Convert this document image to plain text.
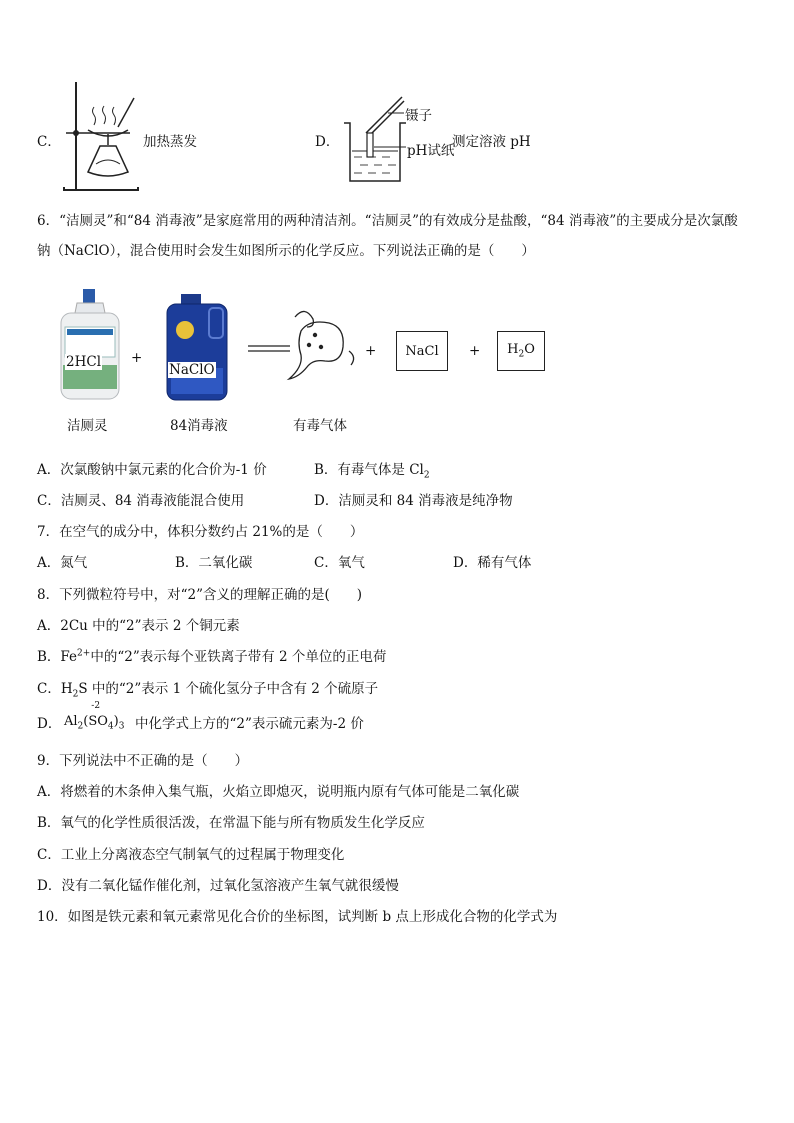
C．	加热蒸发	D．
镊子
pH试纸
测定溶液 pH
6．“洁厕灵”和“84 消毒液”是家庭常用的两种清洁剂。“洁厕灵”的有效成分是盐酸，“84 消毒液”的主要成分是次氯酸
钠（NaClO），混合使用时会发生如图所示的化学反应。下列说法正确的是（　　）
2HCl +
NaClO
+ NaCl + $H_2O$
洁厕灵	84消毒液	有毒气体
A．次氯酸钠中氯元素的化合价为-1 价	B．有毒气体是 $Cl_2$
C．洁厕灵、84 消毒液能混合使用	D．洁厕灵和 84 消毒液是纯净物
7．在空气的成分中，体积分数约占 21%的是（　　）
A．氮气	B．二氧化碳	C．氧气	D．稀有气体
8．下列微粒符号中，对“2”含义的理解正确的是(　　)
A．2Cu 中的“2”表示 2 个铜元素
B．$Fe^{2+}$中的“2”表示每个亚铁离子带有 2 个单位的正电荷
C．$H_2S$ 中的“2”表示 1 个硫化氢分子中含有 2 个硫原子
D． $Al_2$
-2
$(SO_4)_3$ 中化学式上方的“2”表示硫元素为-2 价
9．下列说法中不正确的是（　　）
A．将燃着的木条伸入集气瓶，火焰立即熄灭，说明瓶内原有气体可能是二氧化碳
B．氧气的化学性质很活泼，在常温下能与所有物质发生化学反应
C．工业上分离液态空气制氧气的过程属于物理变化
D．没有二氧化锰作催化剂，过氧化氢溶液产生氧气就很缓慢
10．如图是铁元素和氧元素常见化合价的坐标图，试判断 b 点上形成化合物的化学式为
